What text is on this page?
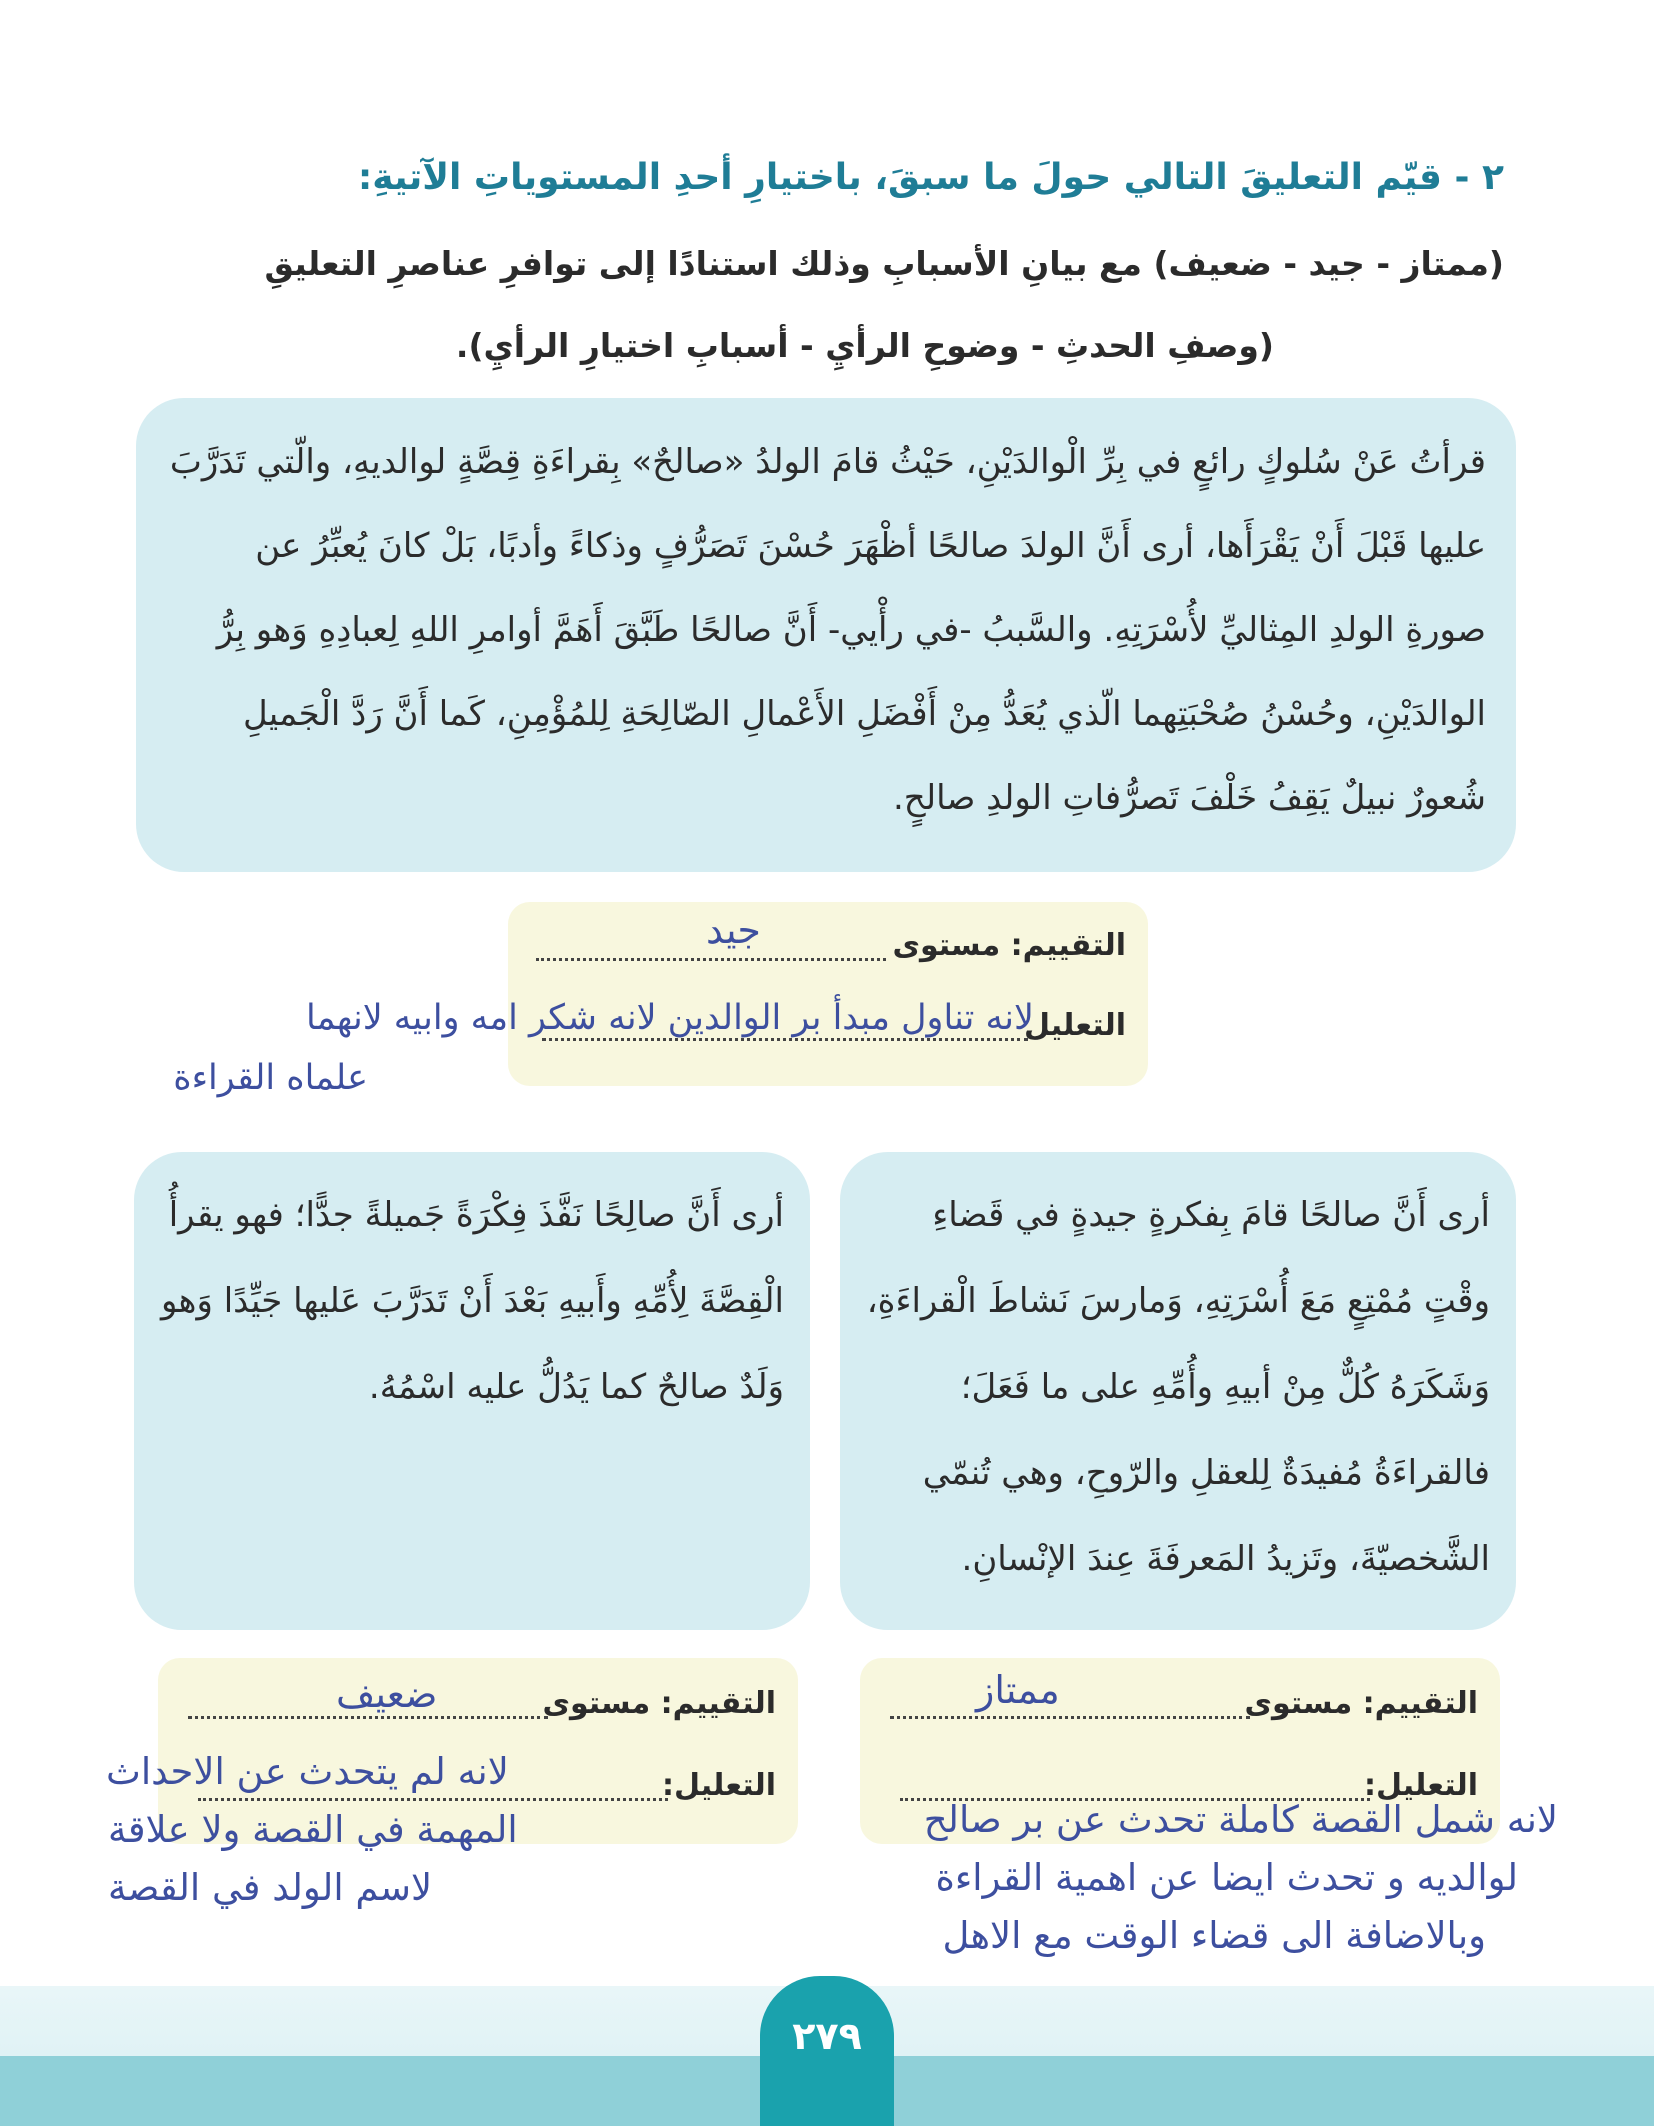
٢ - قيّم التعليقَ التالي حولَ ما سبقَ، باختيارِ أحدِ المستوياتِ الآتيةِ:
(ممتاز - جيد - ضعيف) مع بيانِ الأسبابِ وذلك استنادًا إلى توافرِ عناصرِ التعليقِ
(وصفِ الحدثِ - وضوحِ الرأيِ - أسبابِ اختيارِ الرأيِ).
قرأتُ عَنْ سُلوكٍ رائعٍ في بِرِّ الْوالدَيْنِ، حَيْثُ قامَ الولدُ «صالحٌ» بِقراءَةِ قِصَّةٍ لوالديهِ، والّتي تَدَرَّبَ عليها قَبْلَ أَنْ يَقْرَأَها، أرى أَنَّ الولدَ صالحًا أظْهَرَ حُسْنَ تَصَرُّفٍ وذكاءً وأدبًا، بَلْ كانَ يُعبِّرُ عن صورةِ الولدِ المِثاليِّ لأُسْرَتِهِ. والسَّببُ -في رأْيي- أَنَّ صالحًا طَبَّقَ أَهَمَّ أوامرِ اللهِ لِعبادِهِ وَهو بِرُّ الوالدَيْنِ، وحُسْنُ صُحْبَتِهما الّذي يُعَدُّ مِنْ أَفْضَلِ الأَعْمالِ الصّالِحَةِ لِلمُؤْمِنِ، كَما أَنَّ رَدَّ الْجَميلِ شُعورٌ نبيلٌ يَقِفُ خَلْفَ تَصرُّفاتِ الولدِ صالحٍ.
التقييم: مستوى
التعليل
جيد
لانه تناول مبدأ بر الوالدين لانه شكر امه وابيه لانهما
علماه القراءة
أرى أَنَّ صالحًا قامَ بِفكرةٍ جيدةٍ في قَضاءِ وقْتٍ مُمْتِعٍ مَعَ أُسْرَتِهِ، وَمارسَ نَشاطَ الْقراءَةِ، وَشَكَرَهُ كُلٌّ مِنْ أبيهِ وأُمِّهِ على ما فَعَلَ؛ فالقراءَةُ مُفيدَةٌ لِلعقلِ والرّوحِ، وهي تُنمّي الشَّخصيّةَ، وتَزيدُ المَعرفَةَ عِندَ الإنْسانِ.
أرى أَنَّ صالِحًا نَفَّذَ فِكْرَةً جَميلةً جدًّا؛ فهو يقرأُ الْقِصَّةَ لِأُمِّهِ وأَبيهِ بَعْدَ أَنْ تَدَرَّبَ عَليها جَيِّدًا وَهو وَلَدٌ صالحٌ كما يَدُلُّ عليه اسْمُهُ.
التقييم: مستوى
التعليل:
ضعيف
لانه لم يتحدث عن الاحداث
المهمة في القصة ولا علاقة
لاسم الولد في القصة
التقييم: مستوى
التعليل:
ممتاز
لانه شمل القصة كاملة تحدث عن بر صالح
لوالديه و تحدث ايضا عن اهمية القراءة
وبالاضافة الى قضاء الوقت مع الاهل
٢٧٩
